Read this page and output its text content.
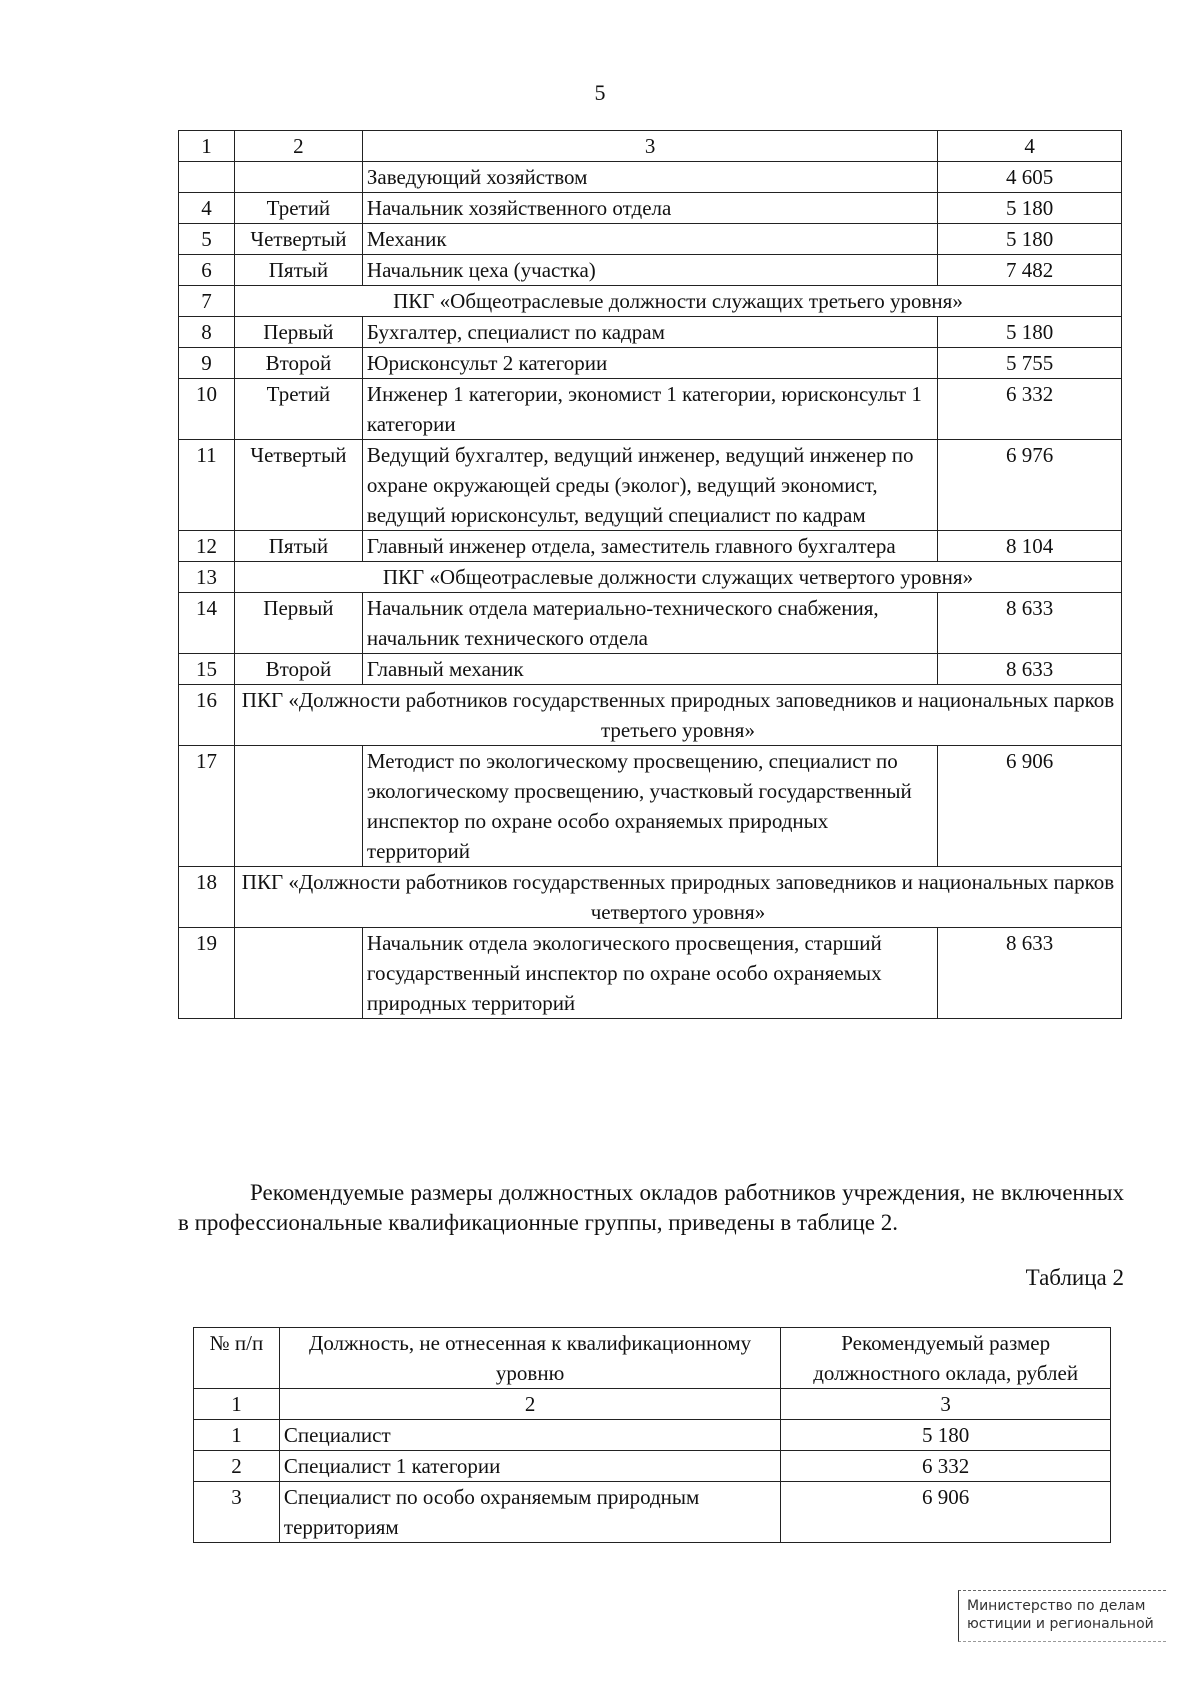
5
1	2	3	4
		Заведующий хозяйством	4 605
4	Третий	Начальник хозяйственного отдела	5 180
5	Четвертый	Механик	5 180
6	Пятый	Начальник цеха (участка)	7 482
7	ПКГ «Общеотраслевые должности служащих третьего уровня»		
8	Первый	Бухгалтер, специалист по кадрам	5 180
9	Второй	Юрисконсульт 2 категории	5 755
10	Третий	Инженер 1 категории, экономист 1 категории, юрисконсульт 1 категории	6 332
11	Четвертый	Ведущий бухгалтер, ведущий инженер, ведущий инженер по охране окружающей среды (эколог), ведущий экономист, ведущий юрисконсульт, ведущий специалист по кадрам	6 976
12	Пятый	Главный инженер отдела, заместитель главного бухгалтера	8 104
13	ПКГ «Общеотраслевые должности служащих четвертого уровня»		
14	Первый	Начальник отдела материально-технического снабжения, начальник технического отдела	8 633
15	Второй	Главный механик	8 633
16	ПКГ «Должности работников государственных природных заповедников и национальных парков третьего уровня»		
17		Методист по экологическому просвещению, специалист по экологическому просвещению, участковый государственный инспектор по охране особо охраняемых природных территорий	6 906
18	ПКГ «Должности работников государственных природных заповедников и национальных парков четвертого уровня»		
19		Начальник отдела экологического просвещения, старший государственный инспектор по охране особо охраняемых природных территорий	8 633

Рекомендуемые размеры должностных окладов работников учреждения, не включенных в профессиональные квалификационные группы, приведены в таблице 2.

Таблица 2
№ п/п	Должность, не отнесенная к квалификационному уровню	Рекомендуемый размер должностного оклада, рублей
1	2	3
1	Специалист	5 180
2	Специалист 1 категории	6 332
3	Специалист по особо охраняемым природным территориям	6 906
Министерство по делам
юстиции и региональной
